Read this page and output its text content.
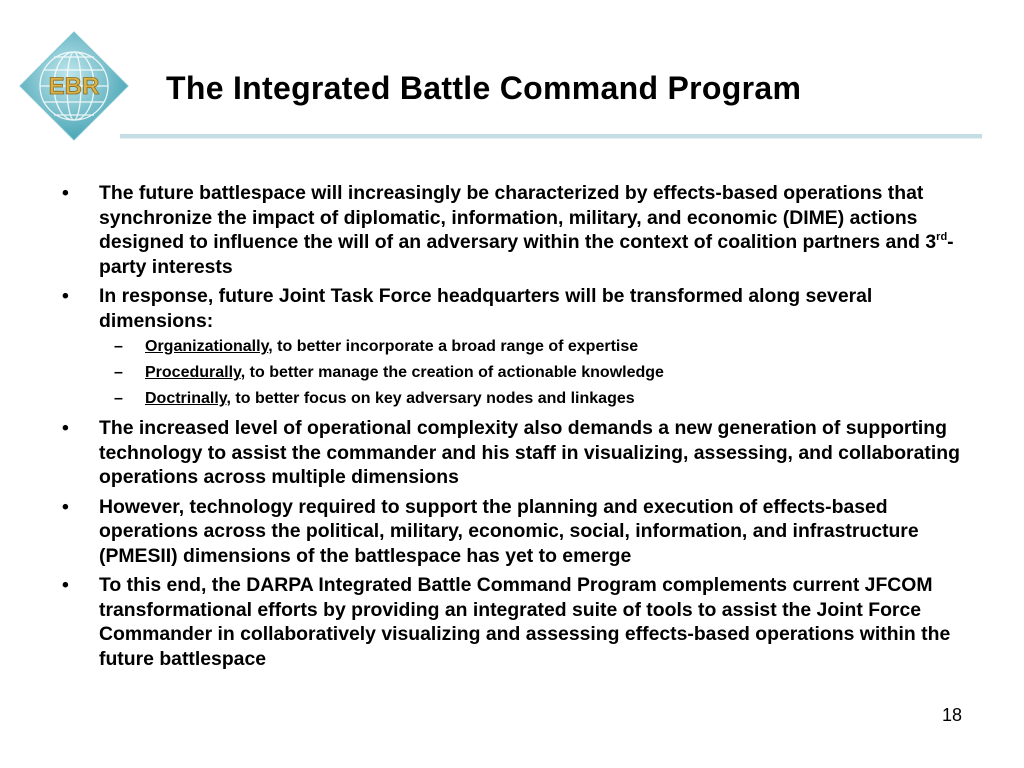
EBR The Integrated Battle Command Program
•	The future battlespace will increasingly be characterized by effects-based operations that synchronize the impact of diplomatic, information, military, and economic (DIME) actions designed to influence the will of an adversary within the context of coalition partners and 3rd-party interests
•	In response, future Joint Task Force headquarters will be transformed along several dimensions:
–	Organizationally, to better incorporate a broad range of expertise
–	Procedurally, to better manage the creation of actionable knowledge
–	Doctrinally, to better focus on key adversary nodes and linkages
•	The increased level of operational complexity also demands a new generation of supporting technology to assist the commander and his staff in visualizing, assessing, and collaborating operations across multiple dimensions
•	However, technology required to support the planning and execution of effects-based operations across the political, military, economic, social, information, and infrastructure (PMESII) dimensions of the battlespace has yet to emerge
•	To this end, the DARPA Integrated Battle Command Program complements current JFCOM transformational efforts by providing an integrated suite of tools to assist the Joint Force Commander in collaboratively visualizing and assessing effects-based operations within the future battlespace
18
